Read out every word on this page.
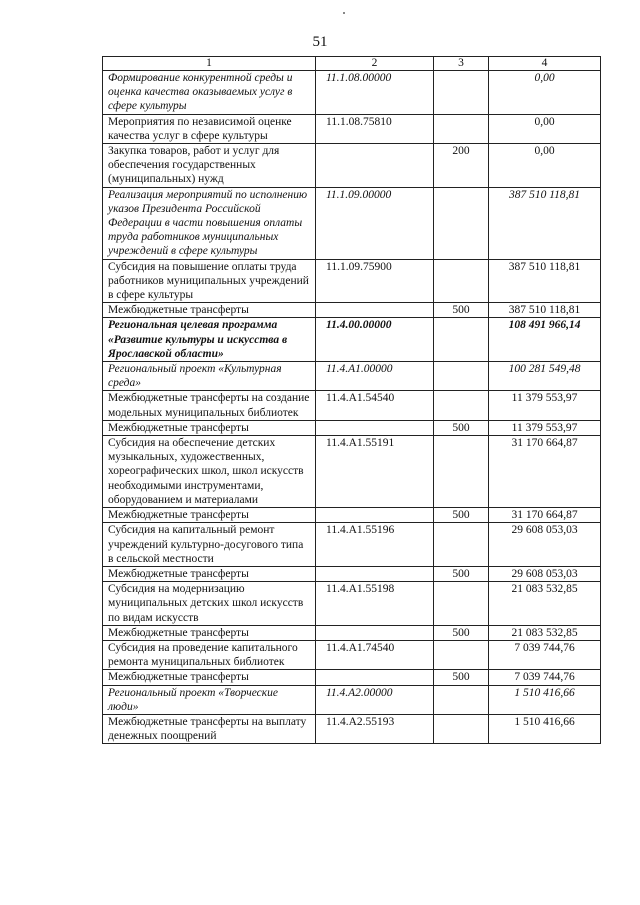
51
1	2	3	4
Формирование конкурентной среды и оценка качества оказываемых услуг в сфере культуры	11.1.08.00000		0,00
Мероприятия по независимой оценке качества услуг в сфере культуры	11.1.08.75810		0,00
Закупка товаров, работ и услуг для обеспечения государственных (муниципальных) нужд		200	0,00
Реализация мероприятий по исполнению указов Президента Российской Федерации в части повышения оплаты труда работников муниципальных учреждений в сфере культуры	11.1.09.00000		387 510 118,81
Субсидия на повышение оплаты труда работников муниципальных учреждений в сфере культуры	11.1.09.75900		387 510 118,81
Межбюджетные трансферты		500	387 510 118,81
Региональная целевая программа «Развитие культуры и искусства в Ярославской области»	11.4.00.00000		108 491 966,14
Региональный проект «Культурная среда»	11.4.A1.00000		100 281 549,48
Межбюджетные трансферты на создание модельных муниципальных библиотек	11.4.A1.54540		11 379 553,97
Межбюджетные трансферты		500	11 379 553,97
Субсидия на обеспечение детских музыкальных, художественных, хореографических школ, школ искусств необходимыми инструментами, оборудованием и материалами	11.4.A1.55191		31 170 664,87
Межбюджетные трансферты		500	31 170 664,87
Субсидия на капитальный ремонт учреждений культурно-досугового типа в сельской местности	11.4.A1.55196		29 608 053,03
Межбюджетные трансферты		500	29 608 053,03
Субсидия на модернизацию муниципальных детских школ искусств по видам искусств	11.4.A1.55198		21 083 532,85
Межбюджетные трансферты		500	21 083 532,85
Субсидия на проведение капитального ремонта муниципальных библиотек	11.4.A1.74540		7 039 744,76
Межбюджетные трансферты		500	7 039 744,76
Региональный проект «Творческие люди»	11.4.A2.00000		1 510 416,66
Межбюджетные трансферты на выплату денежных поощрений	11.4.A2.55193		1 510 416,66
